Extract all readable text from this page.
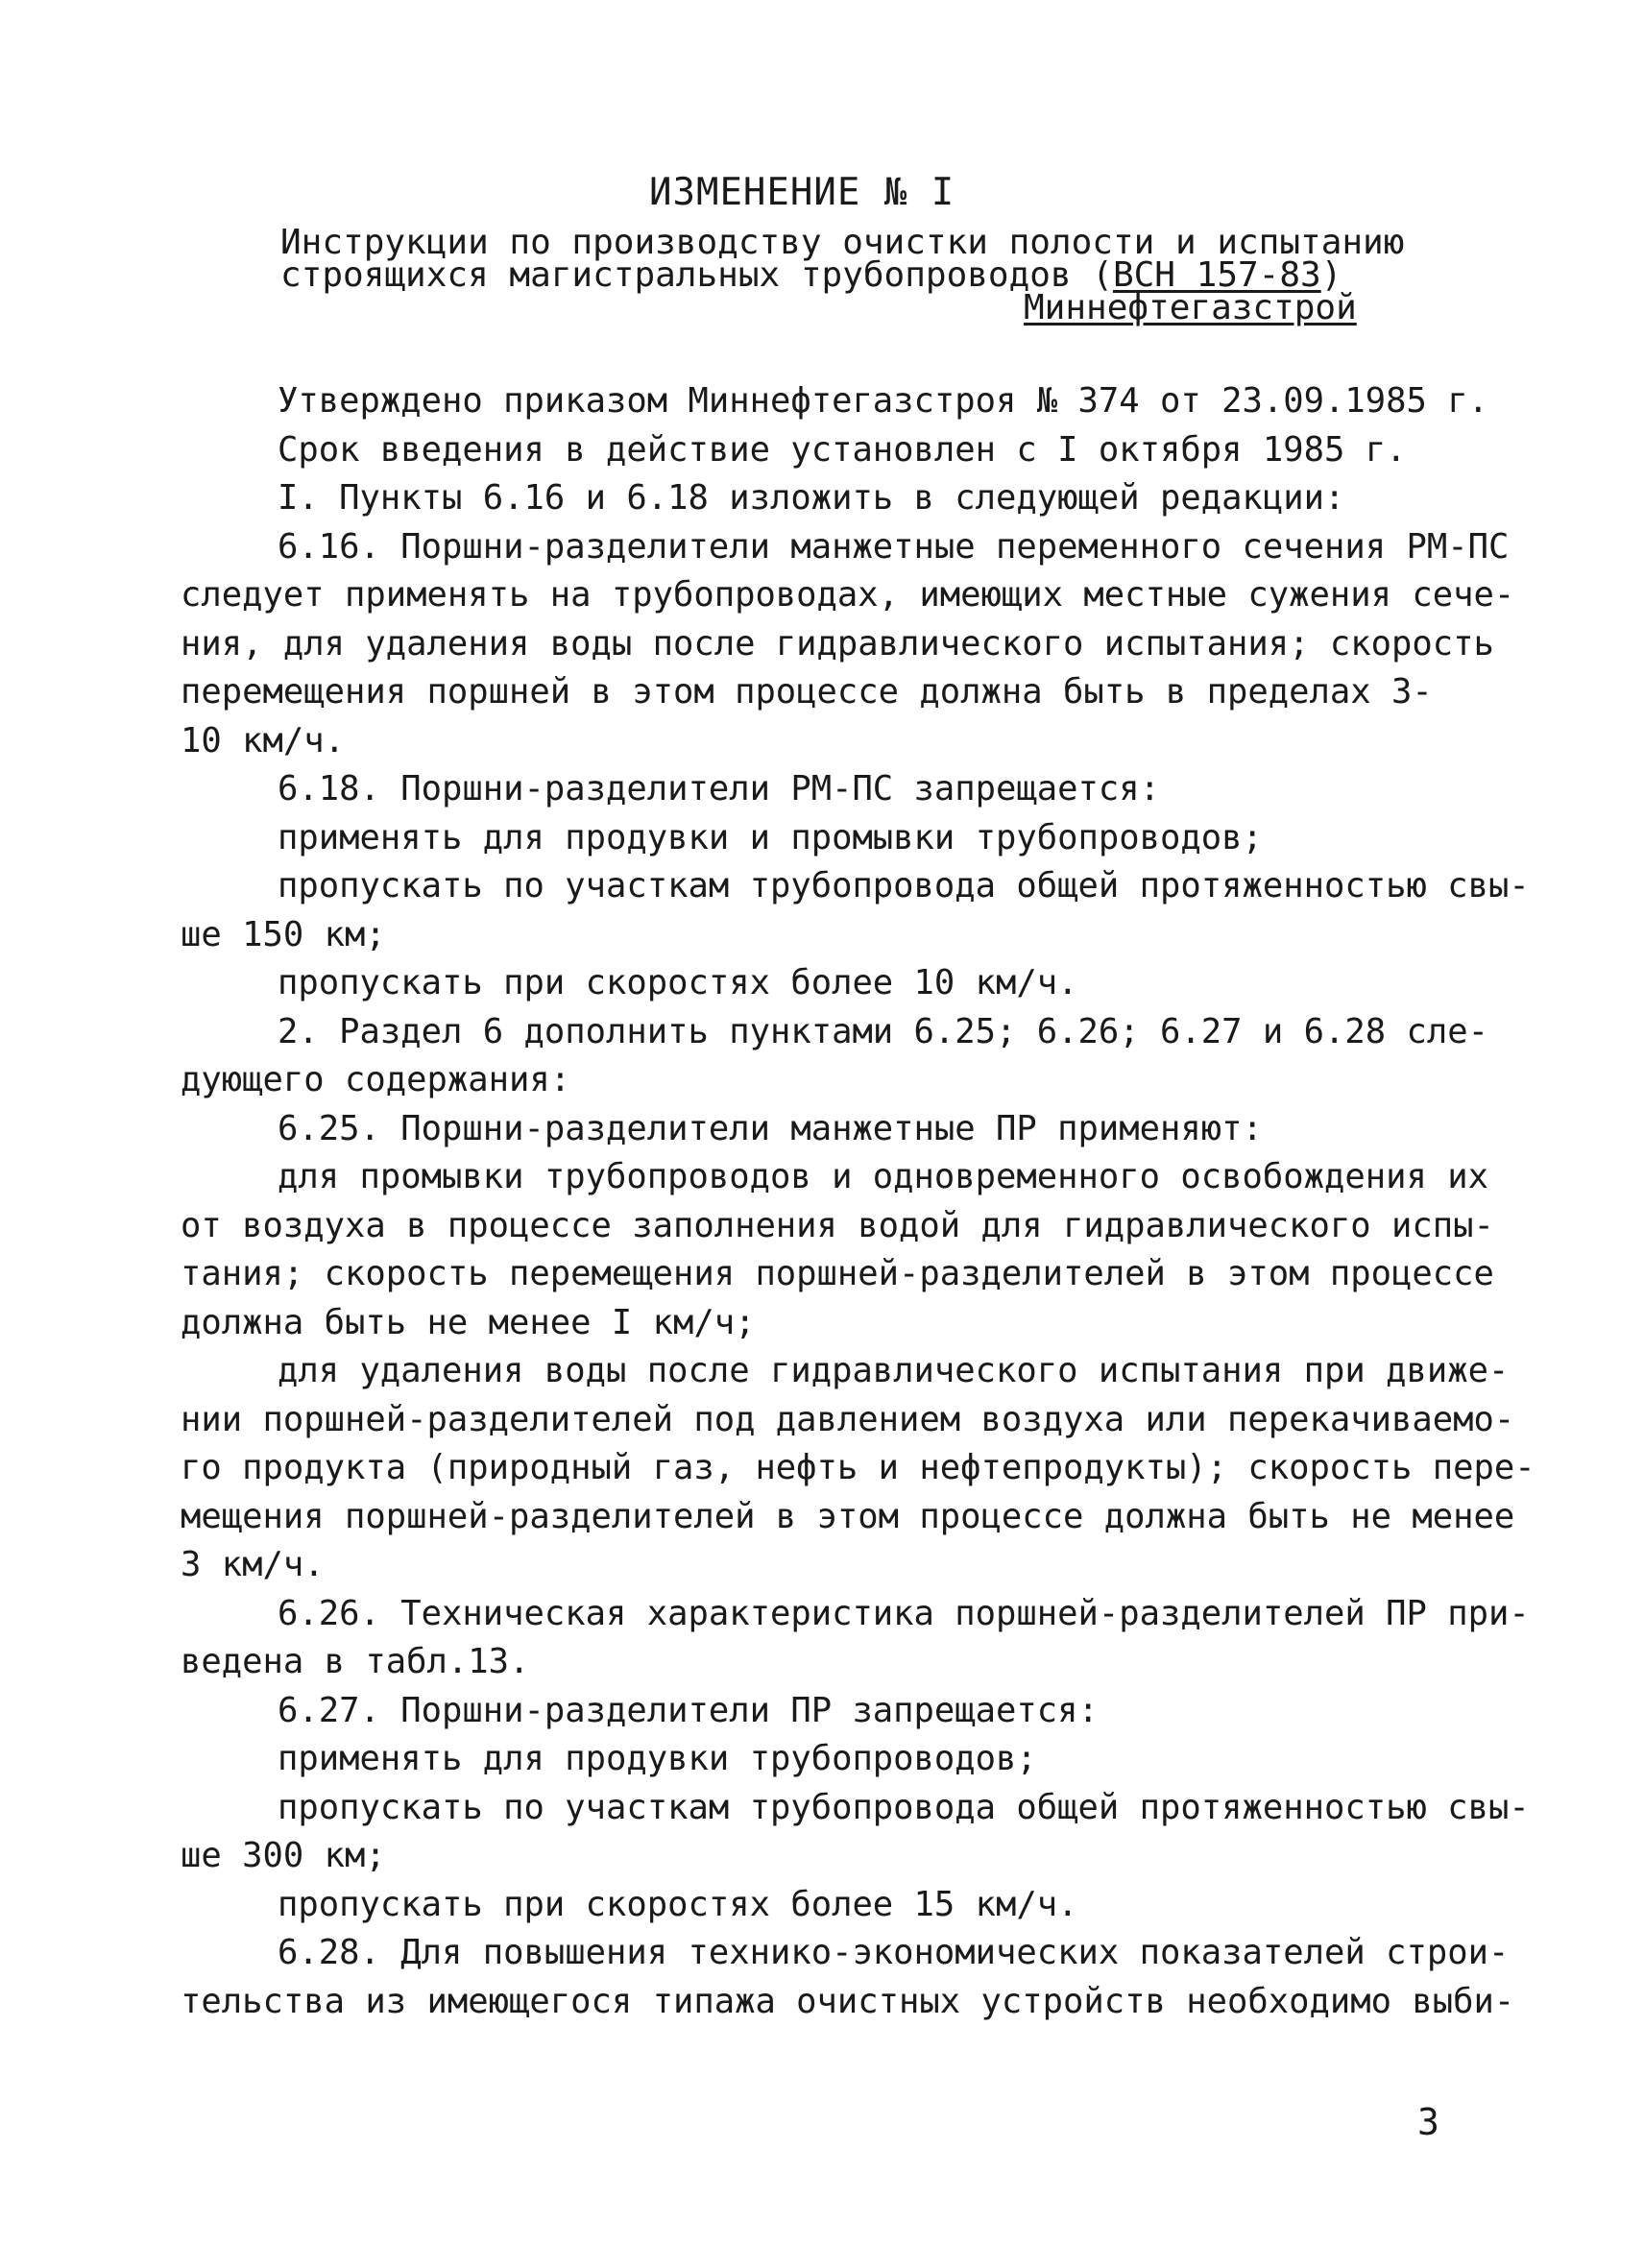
ИЗМЕНЕНИЕ № I
Инструкции по производству очистки полости и испытанию
строящихся магистральных трубопроводов (ВСН 157-83)
Миннефтегазстрой
Утверждено приказом Миннефтегазстроя № 374 от 23.09.1985 г.
Срок введения в действие установлен с I октября 1985 г.
I. Пункты 6.16 и 6.18 изложить в следующей редакции:
6.16. Поршни-разделители манжетные переменного сечения РМ-ПС
следует применять на трубопроводах, имеющих местные сужения сече-
ния, для удаления воды после гидравлического испытания; скорость
перемещения поршней в этом процессе должна быть в пределах 3-
10 км/ч.
6.18. Поршни-разделители РМ-ПС запрещается:
применять для продувки и промывки трубопроводов;
пропускать по участкам трубопровода общей протяженностью свы-
ше 150 км;
пропускать при скоростях более 10 км/ч.
2. Раздел 6 дополнить пунктами 6.25; 6.26; 6.27 и 6.28 сле-
дующего содержания:
6.25. Поршни-разделители манжетные ПР применяют:
для промывки трубопроводов и одновременного освобождения их
от воздуха в процессе заполнения водой для гидравлического испы-
тания; скорость перемещения поршней-разделителей в этом процессе
должна быть не менее I км/ч;
для удаления воды после гидравлического испытания при движе-
нии поршней-разделителей под давлением воздуха или перекачиваемо-
го продукта (природный газ, нефть и нефтепродукты); скорость пере-
мещения поршней-разделителей в этом процессе должна быть не менее
3 км/ч.
6.26. Техническая характеристика поршней-разделителей ПР при-
ведена в табл.13.
6.27. Поршни-разделители ПР запрещается:
применять для продувки трубопроводов;
пропускать по участкам трубопровода общей протяженностью свы-
ше 300 км;
пропускать при скоростях более 15 км/ч.
6.28. Для повышения технико-экономических показателей строи-
тельства из имеющегося типажа очистных устройств необходимо выби-
3
